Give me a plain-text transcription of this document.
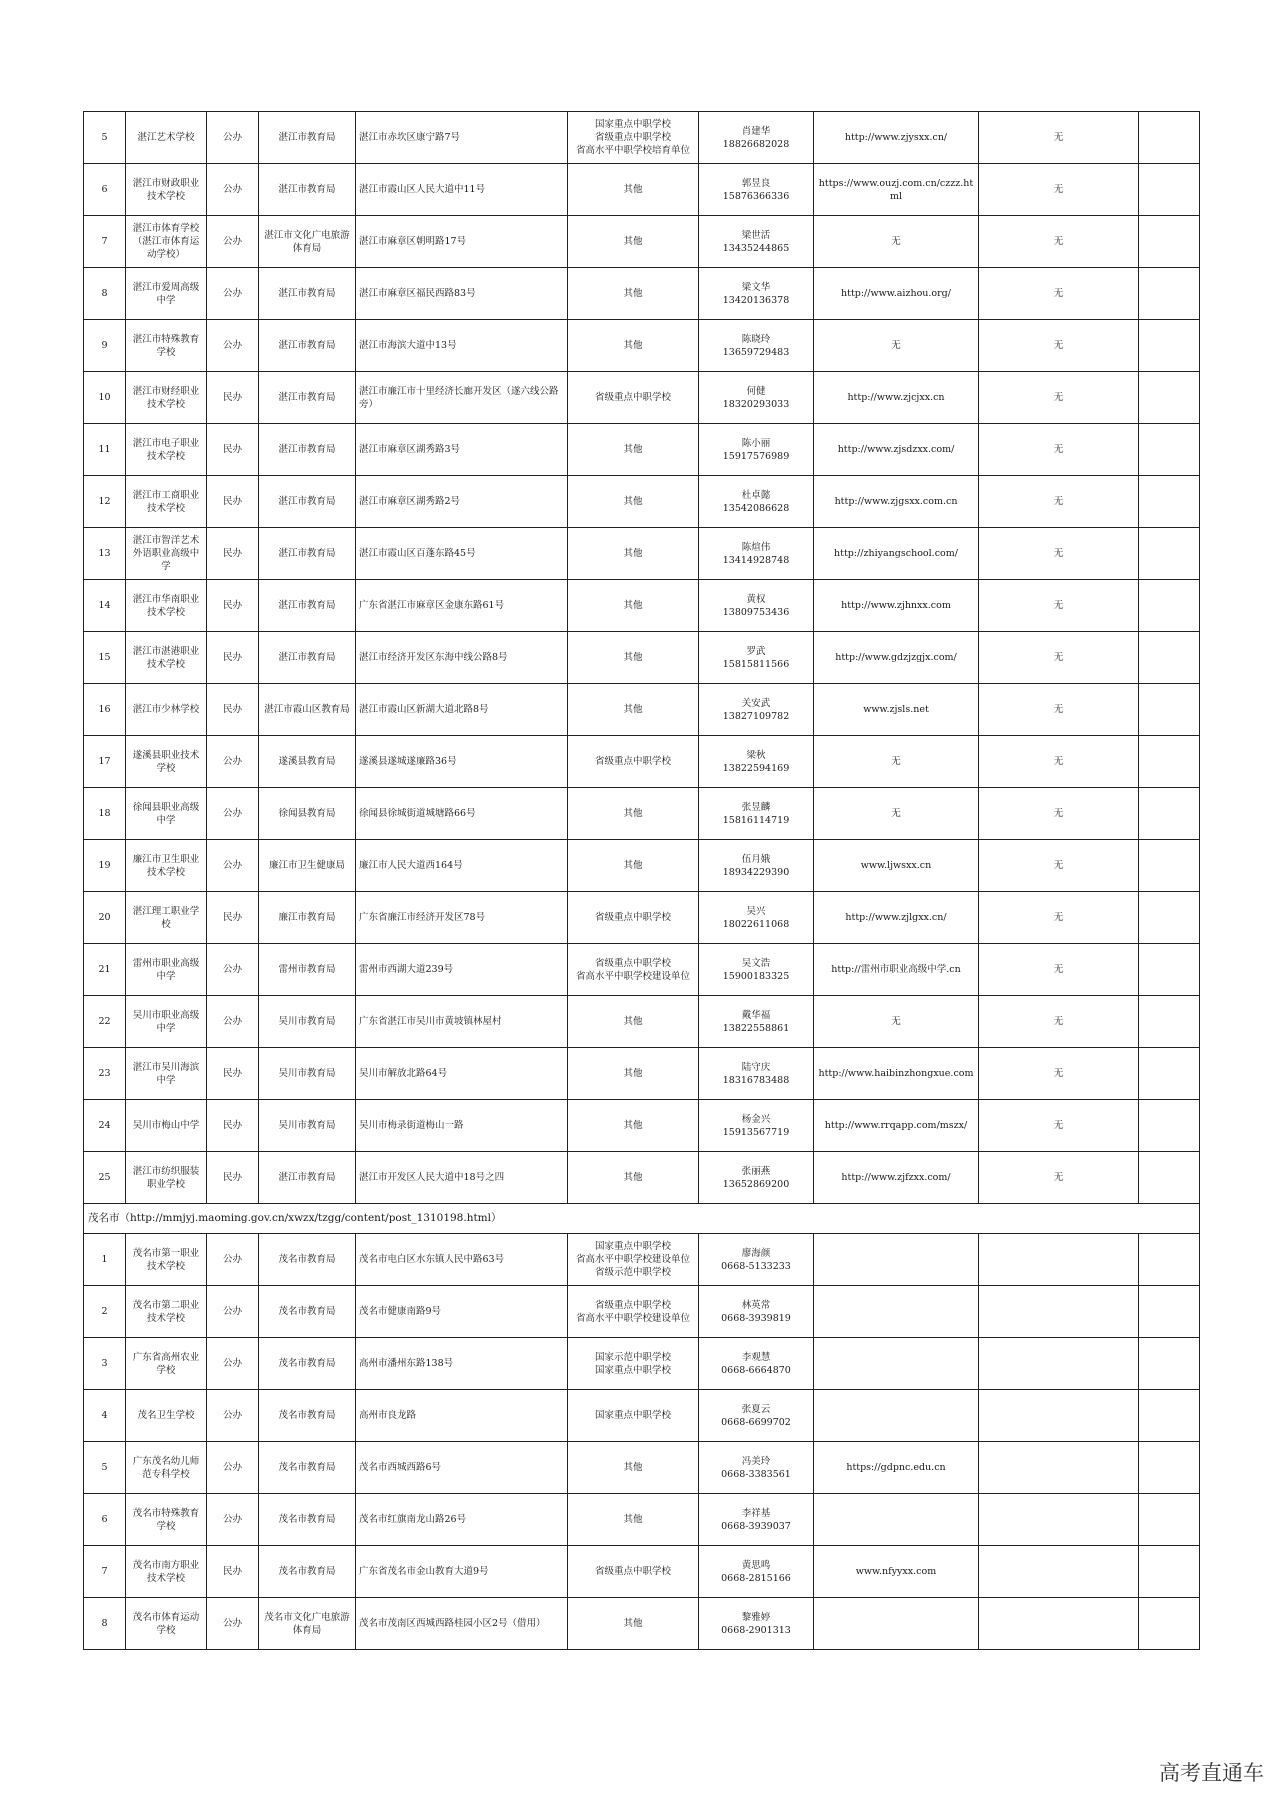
5	湛江艺术学校	公办	湛江市教育局	湛江市赤坎区康宁路7号	国家重点中职学校
省级重点中职学校
省高水平中职学校培育单位	肖建华
18826682028	http://www.zjysxx.cn/	无	
6	湛江市财政职业技术学校	公办	湛江市教育局	湛江市霞山区人民大道中11号	其他	郭昱良
15876366336	https://www.ouzj.com.cn/czzz.html	无	
7	湛江市体育学校（湛江市体育运动学校）	公办	湛江市文化广电旅游体育局	湛江市麻章区朝明路17号	其他	梁世活
13435244865	无	无	
8	湛江市爱周高级中学	公办	湛江市教育局	湛江市麻章区福民西路83号	其他	梁文华
13420136378	http://www.aizhou.org/	无	
9	湛江市特殊教育学校	公办	湛江市教育局	湛江市海滨大道中13号	其他	陈晓玲
13659729483	无	无	
10	湛江市财经职业技术学校	民办	湛江市教育局	湛江市廉江市十里经济长廊开发区（遂六线公路旁）	省级重点中职学校	何健
18320293033	http://www.zjcjxx.cn	无	
11	湛江市电子职业技术学校	民办	湛江市教育局	湛江市麻章区湖秀路3号	其他	陈小丽
15917576989	http://www.zjsdzxx.com/	无	
12	湛江市工商职业技术学校	民办	湛江市教育局	湛江市麻章区湖秀路2号	其他	杜卓懿
13542086628	http://www.zjgsxx.com.cn	无	
13	湛江市智洋艺术外语职业高级中学	民办	湛江市教育局	湛江市霞山区百蓬东路45号	其他	陈煊伟
13414928748	http://zhiyangschool.com/	无	
14	湛江市华南职业技术学校	民办	湛江市教育局	广东省湛江市麻章区金康东路61号	其他	黄权
13809753436	http://www.zjhnxx.com	无	
15	湛江市湛港职业技术学校	民办	湛江市教育局	湛江市经济开发区东海中线公路8号	其他	罗武
15815811566	http://www.gdzjzgjx.com/	无	
16	湛江市少林学校	民办	湛江市霞山区教育局	湛江市霞山区新湖大道北路8号	其他	关安武
13827109782	www.zjsls.net	无	
17	遂溪县职业技术学校	公办	遂溪县教育局	遂溪县遂城遂廉路36号	省级重点中职学校	梁秋
13822594169	无	无	
18	徐闻县职业高级中学	公办	徐闻县教育局	徐闻县徐城街道城塘路66号	其他	张昱麟
15816114719	无	无	
19	廉江市卫生职业技术学校	公办	廉江市卫生健康局	廉江市人民大道西164号	其他	伍月娥
18934229390	www.ljwsxx.cn	无	
20	湛江理工职业学校	民办	廉江市教育局	广东省廉江市经济开发区78号	省级重点中职学校	吴兴
18022611068	http://www.zjlgxx.cn/	无	
21	雷州市职业高级中学	公办	雷州市教育局	雷州市西湖大道239号	省级重点中职学校
省高水平中职学校建设单位	吴文浩
15900183325	http://雷州市职业高级中学.cn	无	
22	吴川市职业高级中学	公办	吴川市教育局	广东省湛江市吴川市黄坡镇林屋村	其他	戴华福
13822558861	无	无	
23	湛江市吴川海滨中学	民办	吴川市教育局	吴川市解放北路64号	其他	陆守庆
18316783488	http://www.haibinzhongxue.com	无	
24	吴川市梅山中学	民办	吴川市教育局	吴川市梅录街道梅山一路	其他	杨金兴
15913567719	http://www.rrqapp.com/mszx/	无	
25	湛江市纺织服装职业学校	民办	湛江市教育局	湛江市开发区人民大道中18号之四	其他	张丽燕
13652869200	http://www.zjfzxx.com/	无	
茂名市（http://mmjyj.maoming.gov.cn/xwzx/tzgg/content/post_1310198.html）									
1	茂名市第一职业技术学校	公办	茂名市教育局	茂名市电白区水东镇人民中路63号	国家重点中职学校
省高水平中职学校建设单位
省级示范中职学校	廖海颜
0668-5133233			
2	茂名市第二职业技术学校	公办	茂名市教育局	茂名市健康南路9号	省级重点中职学校
省高水平中职学校建设单位	林英常
0668-3939819			
3	广东省高州农业学校	公办	茂名市教育局	高州市潘州东路138号	国家示范中职学校
国家重点中职学校	李观慧
0668-6664870			
4	茂名卫生学校	公办	茂名市教育局	高州市良龙路	国家重点中职学校	张夏云
0668-6699702			
5	广东茂名幼儿师范专科学校	公办	茂名市教育局	茂名市西城西路6号	其他	冯美玲
0668-3383561	https://gdpnc.edu.cn		
6	茂名市特殊教育学校	公办	茂名市教育局	茂名市红旗南龙山路26号	其他	李祥基
0668-3939037			
7	茂名市南方职业技术学校	民办	茂名市教育局	广东省茂名市金山教育大道9号	省级重点中职学校	黄思鸣
0668-2815166	www.nfyyxx.com		
8	茂名市体育运动学校	公办	茂名市文化广电旅游体育局	茂名市茂南区西城西路桂园小区2号（借用）	其他	黎雅婷
0668-2901313			
高考直通车
